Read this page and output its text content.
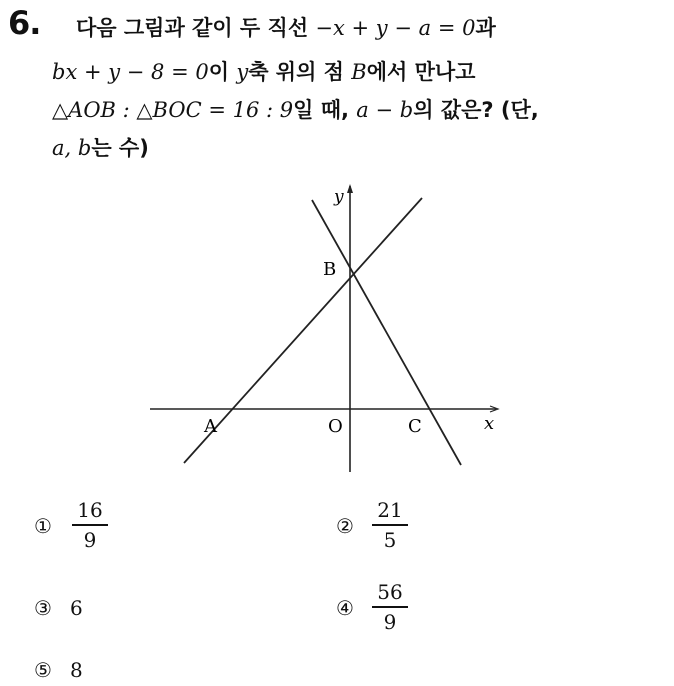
6. 다음 그림과 같이 두 직선 −x + y − a = 0과
bx + y − 8 = 0이 y축 위의 점 B에서 만나고
△AOB : △BOC = 16 : 9일 때, a − b의 값은? (단,
a, b는 수)
y
x
B
A	O	C
①
16
9
②
21
5
③ 6	④
56
9
⑤ 8
